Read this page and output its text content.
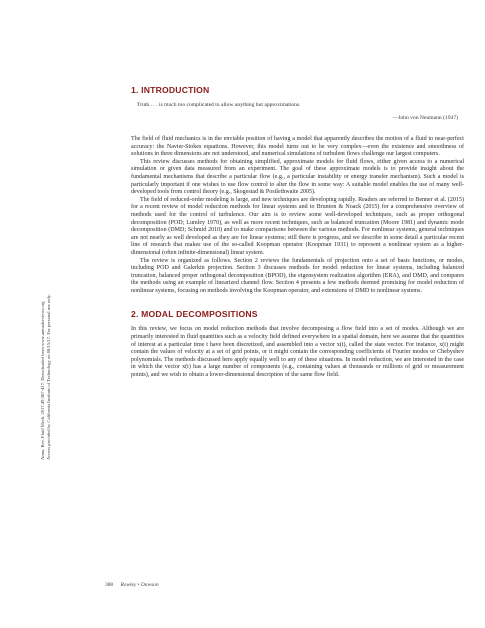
Annu. Rev. Fluid Mech. 2017.49:387-417. Downloaded from www.annualreviews.org Access provided by California Institute of Technology on 08/15/17. For personal use only.
1. INTRODUCTION

Truth . . . is much too complicated to allow anything but approximations.

—John von Neumann (1947)

The field of fluid mechanics is in the enviable position of having a model that apparently describes the motion of a fluid to near-perfect accuracy: the Navier-Stokes equations. However, this model turns out to be very complex—even the existence and smoothness of solutions in three dimensions are not understood, and numerical simulations of turbulent flows challenge our largest computers.

This review discusses methods for obtaining simplified, approximate models for fluid flows, either given access to a numerical simulation or given data measured from an experiment. The goal of these approximate models is to provide insight about the fundamental mechanisms that describe a particular flow (e.g., a particular instability or energy transfer mechanism). Such a model is particularly important if one wishes to use flow control to alter the flow in some way: A suitable model enables the use of many well-developed tools from control theory (e.g., Skogestad & Postlethwaite 2005).

The field of reduced-order modeling is large, and new techniques are developing rapidly. Readers are referred to Benner et al. (2015) for a recent review of model reduction methods for linear systems and to Brunton & Noack (2015) for a comprehensive overview of methods used for the control of turbulence. Our aim is to review some well-developed techniques, such as proper orthogonal decomposition (POD; Lumley 1970), as well as more recent techniques, such as balanced truncation (Moore 1981) and dynamic mode decomposition (DMD; Schmid 2010) and to make comparisons between the various methods. For nonlinear systems, general techniques are not nearly as well developed as they are for linear systems; still there is progress, and we describe in some detail a particular recent line of research that makes use of the so-called Koopman operator (Koopman 1931) to represent a nonlinear system as a higher-dimensional (often infinite-dimensional) linear system.

The review is organized as follows. Section 2 reviews the fundamentals of projection onto a set of basis functions, or modes, including POD and Galerkin projection. Section 3 discusses methods for model reduction for linear systems, including balanced truncation, balanced proper orthogonal decomposition (BPOD), the eigensystem realization algorithm (ERA), and DMD, and compares the methods using an example of linearized channel flow. Section 4 presents a few methods deemed promising for model reduction of nonlinear systems, focusing on methods involving the Koopman operator, and extensions of DMD to nonlinear systems.

2. MODAL DECOMPOSITIONS

In this review, we focus on model reduction methods that involve decomposing a flow field into a set of modes. Although we are primarily interested in fluid quantities such as a velocity field defined everywhere in a spatial domain, here we assume that the quantities of interest at a particular time t have been discretized, and assembled into a vector x(t), called the state vector. For instance, x(t) might contain the values of velocity at a set of grid points, or it might contain the corresponding coefficients of Fourier modes or Chebyshev polynomials. The methods discussed here apply equally well to any of these situations. In model reduction, we are interested in the case in which the vector x(t) has a large number of components (e.g., containing values at thousands or millions of grid or measurement points), and we wish to obtain a lower-dimensional description of the same flow field.

388 Rowley • Dawson
